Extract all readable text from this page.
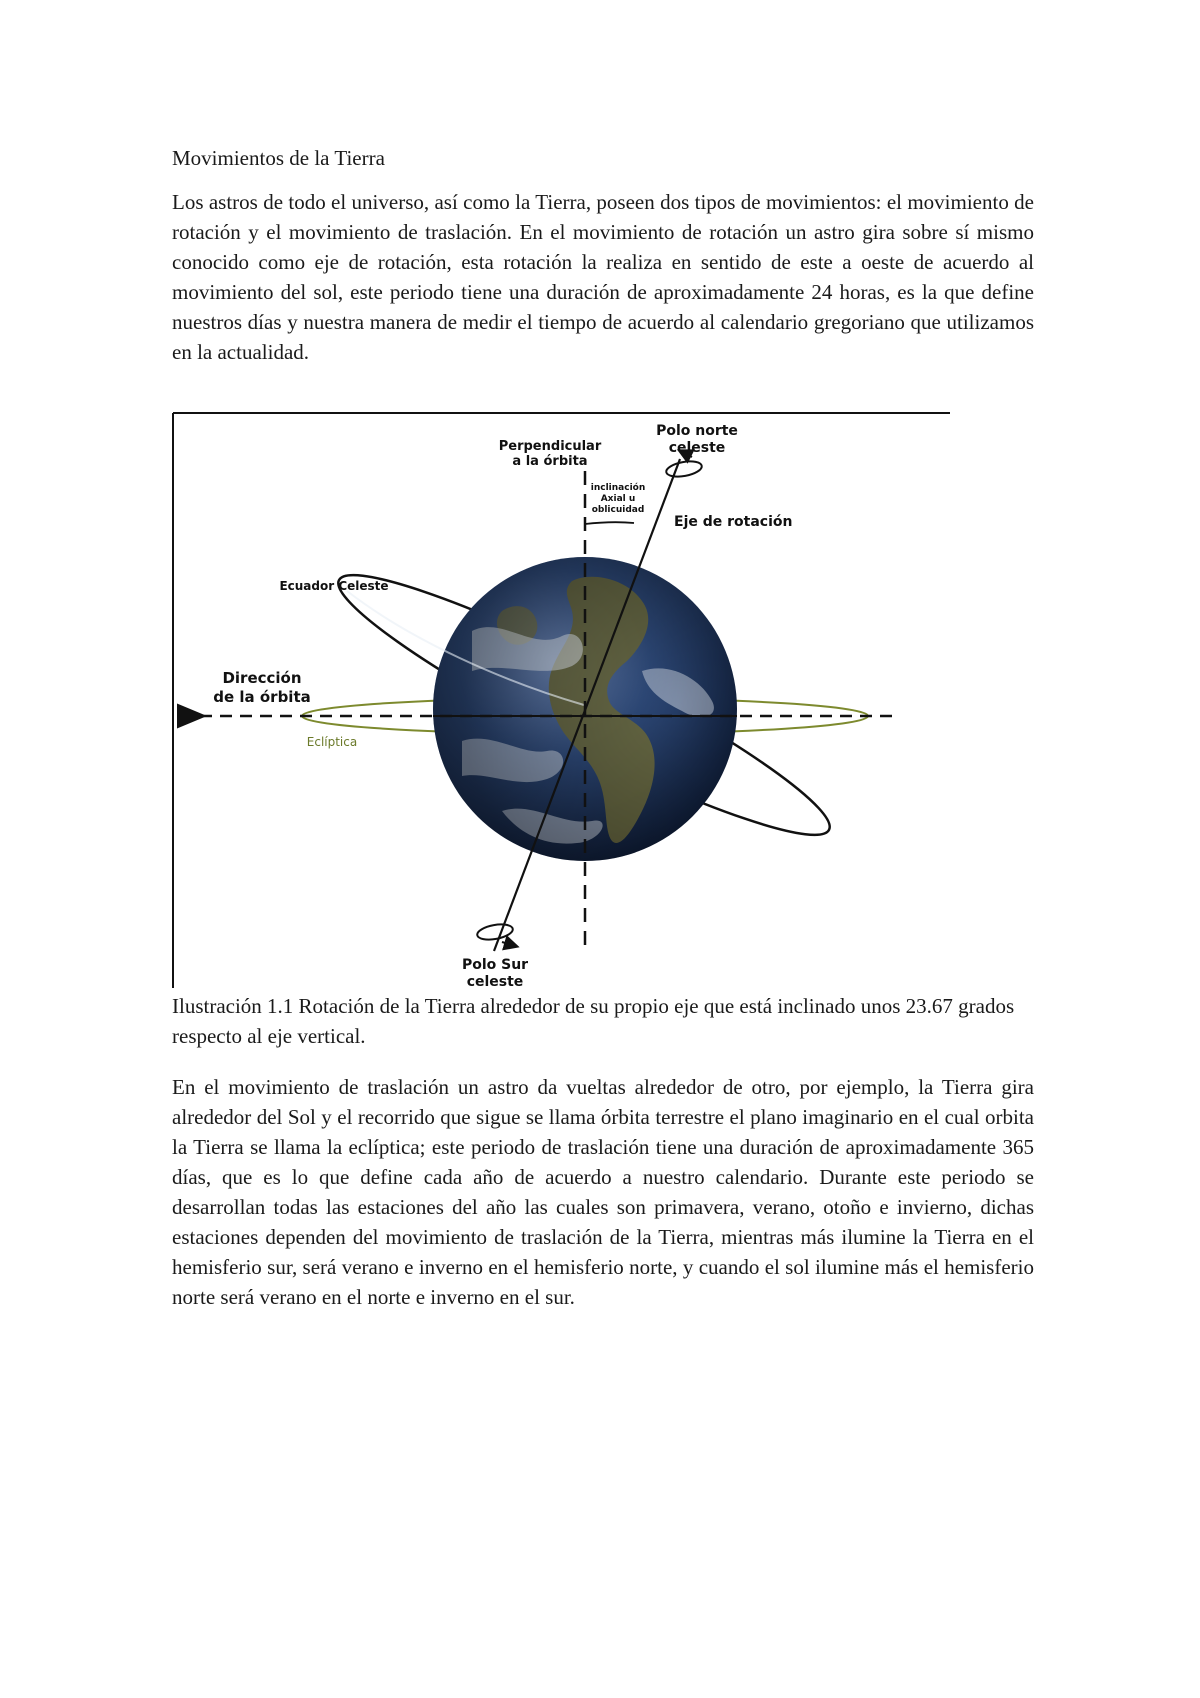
Movimientos de la Tierra

Los astros de todo el universo, así como la Tierra, poseen dos tipos de movimientos: el movimiento de rotación y el movimiento de traslación. En el movimiento de rotación un astro gira sobre sí mismo conocido como eje de rotación, esta rotación la realiza en sentido de este a oeste de acuerdo al movimiento del sol, este periodo tiene una duración de aproximadamente 24 horas, es la que define nuestros días y nuestra manera de medir el tiempo de acuerdo al calendario gregoriano que utilizamos en la actualidad.

Perpendicular
a la órbita
Polo norte
celeste
inclinación
Axial u
oblicuidad
Eje de rotación
Ecuador Celeste
Dirección
de la órbita
Eclíptica
Polo Sur
celeste

Ilustración 1.1 Rotación de la Tierra alrededor de su propio eje que está inclinado unos 23.67 grados respecto al eje vertical.

En el movimiento de traslación un astro da vueltas alrededor de otro, por ejemplo, la Tierra gira alrededor del Sol y el recorrido que sigue se llama órbita terrestre el plano imaginario en el cual orbita la Tierra se llama la eclíptica; este periodo de traslación tiene una duración de aproximadamente 365 días, que es lo que define cada año de acuerdo a nuestro calendario. Durante este periodo se desarrollan todas las estaciones del año las cuales son primavera, verano, otoño e invierno, dichas estaciones dependen del movimiento de traslación de la Tierra, mientras más ilumine la Tierra en el hemisferio sur, será verano e inverno en el hemisferio norte, y cuando el sol ilumine más el hemisferio norte será verano en el norte e inverno en el sur.
